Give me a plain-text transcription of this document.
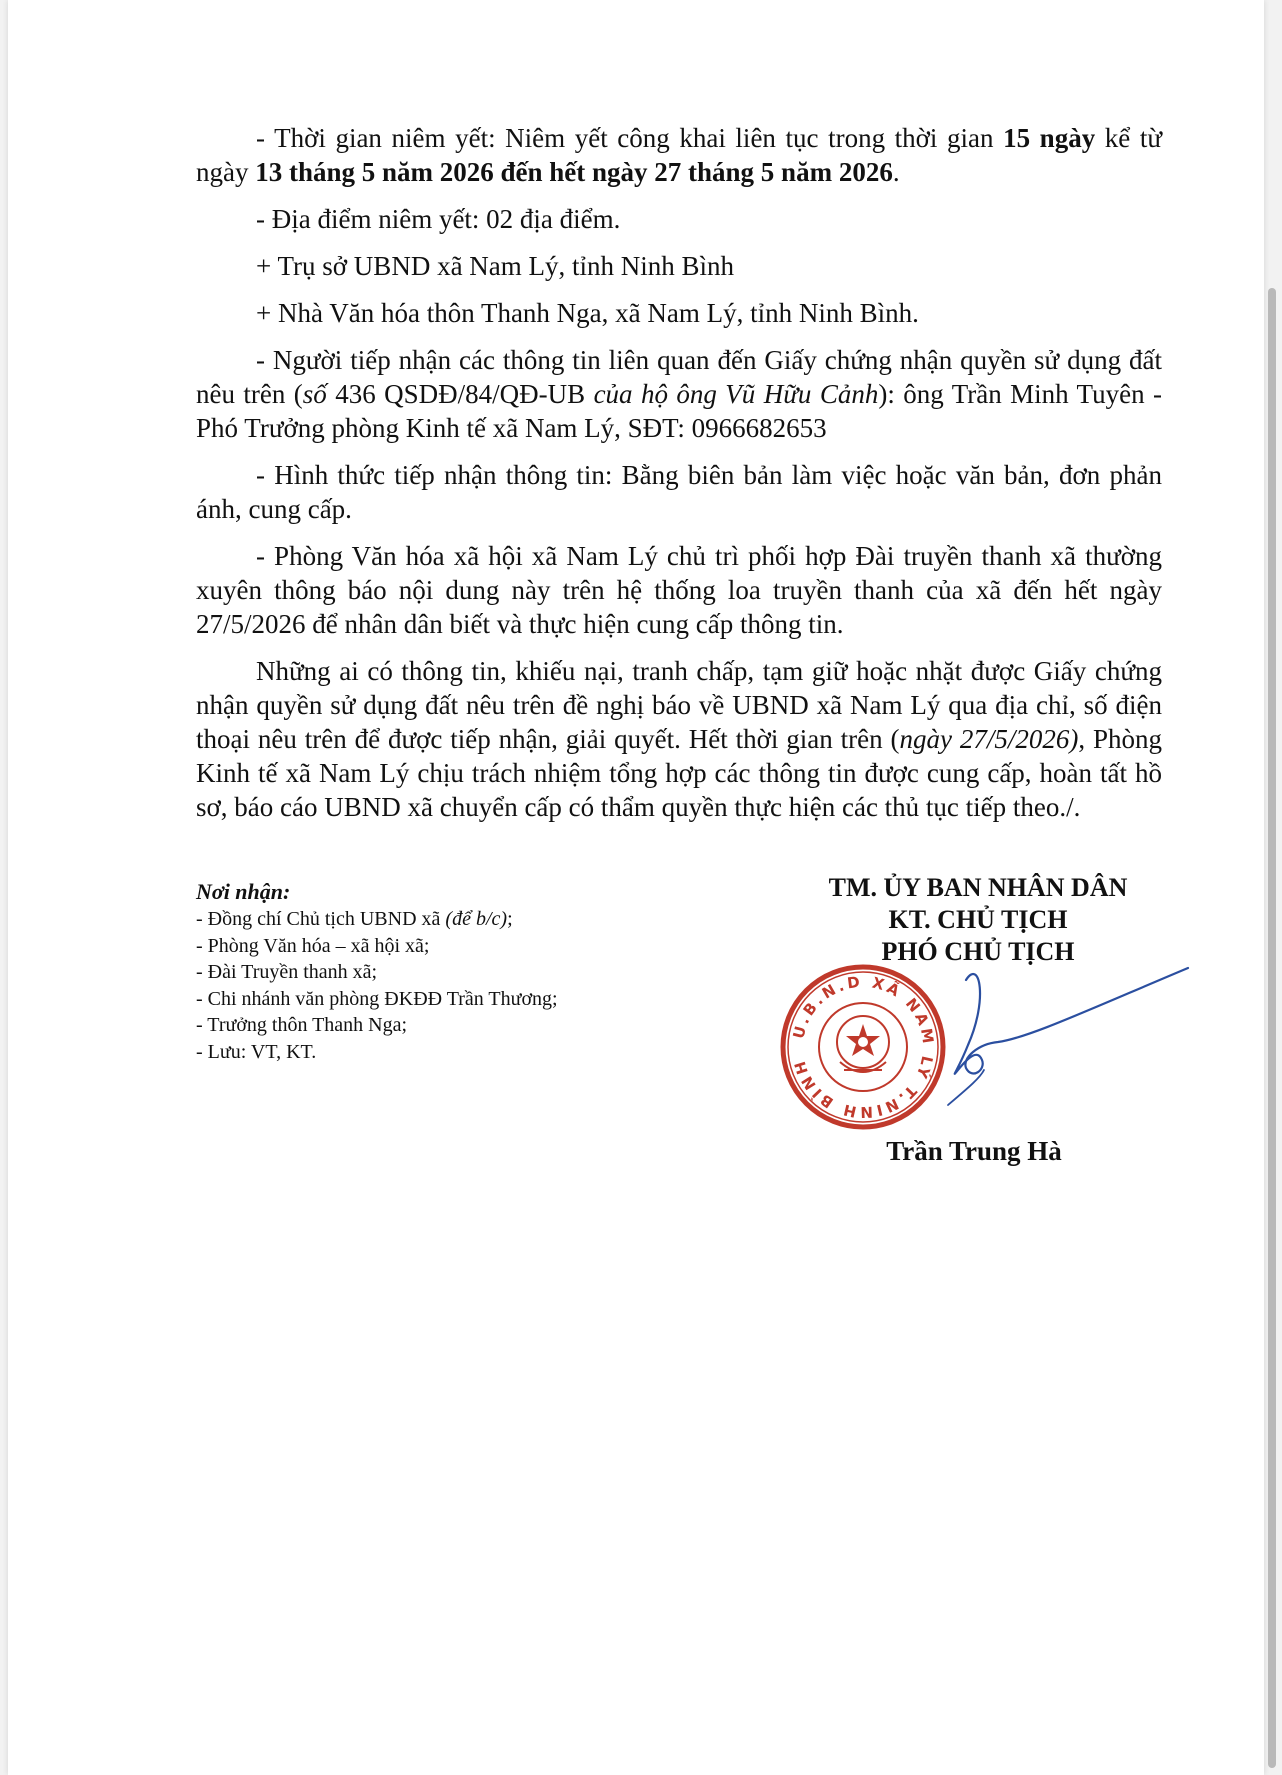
- Thời gian niêm yết: Niêm yết công khai liên tục trong thời gian 15 ngày kể từ ngày 13 tháng 5 năm 2026 đến hết ngày 27 tháng 5 năm 2026.

- Địa điểm niêm yết: 02 địa điểm.

+ Trụ sở UBND xã Nam Lý, tỉnh Ninh Bình

+ Nhà Văn hóa thôn Thanh Nga, xã Nam Lý, tỉnh Ninh Bình.

- Người tiếp nhận các thông tin liên quan đến Giấy chứng nhận quyền sử dụng đất nêu trên (số 436 QSDĐ/84/QĐ-UB của hộ ông Vũ Hữu Cảnh): ông Trần Minh Tuyên - Phó Trưởng phòng Kinh tế xã Nam Lý, SĐT: 0966682653

- Hình thức tiếp nhận thông tin: Bằng biên bản làm việc hoặc văn bản, đơn phản ánh, cung cấp.

- Phòng Văn hóa xã hội xã Nam Lý chủ trì phối hợp Đài truyền thanh xã thường xuyên thông báo nội dung này trên hệ thống loa truyền thanh của xã đến hết ngày 27/5/2026 để nhân dân biết và thực hiện cung cấp thông tin.

Những ai có thông tin, khiếu nại, tranh chấp, tạm giữ hoặc nhặt được Giấy chứng nhận quyền sử dụng đất nêu trên đề nghị báo về UBND xã Nam Lý qua địa chỉ, số điện thoại nêu trên để được tiếp nhận, giải quyết. Hết thời gian trên (ngày 27/5/2026), Phòng Kinh tế xã Nam Lý chịu trách nhiệm tổng hợp các thông tin được cung cấp, hoàn tất hồ sơ, báo cáo UBND xã chuyển cấp có thẩm quyền thực hiện các thủ tục tiếp theo./.

Nơi nhận:
- Đồng chí Chủ tịch UBND xã (để b/c);
- Phòng Văn hóa – xã hội xã;
- Đài Truyền thanh xã;
- Chi nhánh văn phòng ĐKĐĐ Trần Thương;
- Trưởng thôn Thanh Nga;
- Lưu: VT, KT.
TM. ỦY BAN NHÂN DÂN
KT. CHỦ TỊCH
PHÓ CHỦ TỊCH
U.B.N.D XÃ NAM LÝ T.NINH BÌNH
Trần Trung Hà
